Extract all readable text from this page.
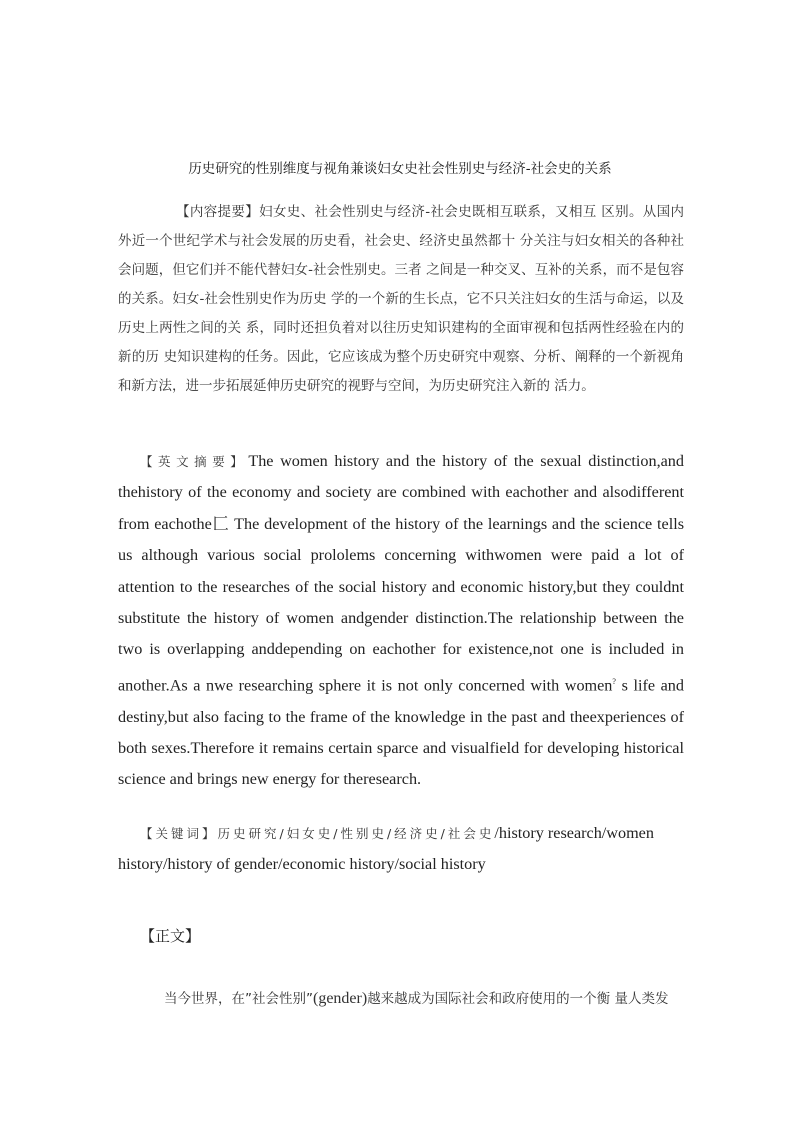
历史研究的性别维度与视角兼谈妇女史社会性别史与经济-社会史的关系

【内容提要】妇女史、社会性别史与经济-社会史既相互联系，又相互 区别。从国内外近一个世纪学术与社会发展的历史看，社会史、经济史虽然都十 分关注与妇女相关的各种社会问题，但它们并不能代替妇女-社会性别史。三者 之间是一种交叉、互补的关系，而不是包容的关系。妇女-社会性别史作为历史 学的一个新的生长点，它不只关注妇女的生活与命运，以及历史上两性之间的关 系，同时还担负着对以往历史知识建构的全面审视和包括两性经验在内的新的历 史知识建构的任务。因此，它应该成为整个历史研究中观察、分析、阐释的一个新视角和新方法，进一步拓展延伸历史研究的视野与空间，为历史研究注入新的 活力。

【英文摘要】The women history and the history of the sexual distinction,and thehistory of the economy and society are combined with eachother and alsodifferent from eachothe匚 The development of the history of the learnings and the science tells us although various social prololems concerning withwomen were paid a lot of attention to the researches of the social history and economic history,but they couldnt substitute the history of women andgender distinction.The relationship between the two is overlapping anddepending on eachother for existence,not one is included in another.As a nwe researching sphere it is not only concerned with women? s life and destiny,but also facing to the frame of the knowledge in the past and theexperiences of both sexes.Therefore it remains certain sparce and visualfield for developing historical science and brings new energy for theresearch.

【关键词】历史研究/妇女史/性别史/经济史/社会史/history research/women history/history of gender/economic history/social history

【正文】

当今世界，在”社会性别”(gender)越来越成为国际社会和政府使用的一个衡 量人类发
